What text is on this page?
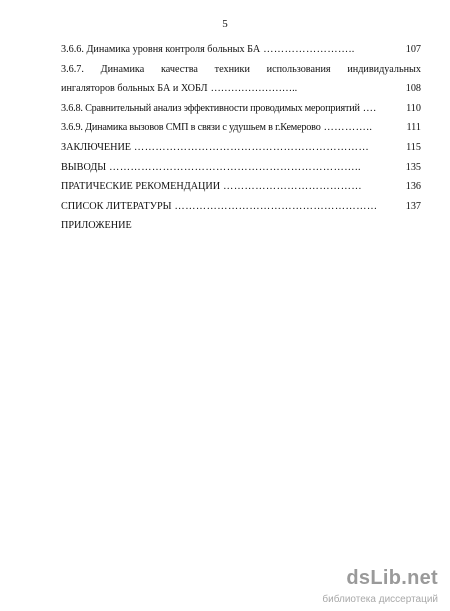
5
3.6.6. Динамика уровня контроля больных БА ……………………..	107
3.6.7. Динамика качества техники использования индивидуальных
ингаляторов больных БА и ХОБЛ ……………………..	108
3.6.8. Сравнительный анализ эффективности проводимых мероприятий ….	110
3.6.9. Динамика вызовов СМП в связи с удушьем в г.Кемерово …………..	111
ЗАКЛЮЧЕНИЕ …………………………………………………………	115
ВЫВОДЫ ……………………………………………………………..	135
ПРАТИЧЕСКИЕ РЕКОМЕНДАЦИИ …………………………………	136
СПИСОК ЛИТЕРАТУРЫ …………………………………………………	137
ПРИЛОЖЕНИЕ
dsLib.net
библиотека диссертаций
